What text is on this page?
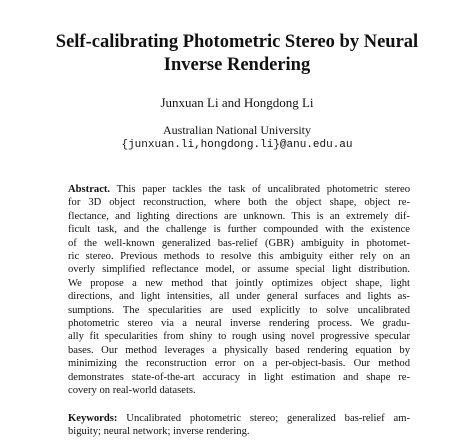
Self-calibrating Photometric Stereo by Neural
Inverse Rendering
Junxuan Li and Hongdong Li
Australian National University
{junxuan.li,hongdong.li}@anu.edu.au
Abstract. This paper tackles the task of uncalibrated photometric stereo
for 3D object reconstruction, where both the object shape, object re-
flectance, and lighting directions are unknown. This is an extremely dif-
ficult task, and the challenge is further compounded with the existence
of the well-known generalized bas-relief (GBR) ambiguity in photomet-
ric stereo. Previous methods to resolve this ambiguity either rely on an
overly simplified reflectance model, or assume special light distribution.
We propose a new method that jointly optimizes object shape, light
directions, and light intensities, all under general surfaces and lights as-
sumptions. The specularities are used explicitly to solve uncalibrated
photometric stereo via a neural inverse rendering process. We gradu-
ally fit specularities from shiny to rough using novel progressive specular
bases. Our method leverages a physically based rendering equation by
minimizing the reconstruction error on a per-object-basis. Our method
demonstrates state-of-the-art accuracy in light estimation and shape re-
covery on real-world datasets.
Keywords: Uncalibrated photometric stereo; generalized bas-relief am-
biguity; neural network; inverse rendering.
